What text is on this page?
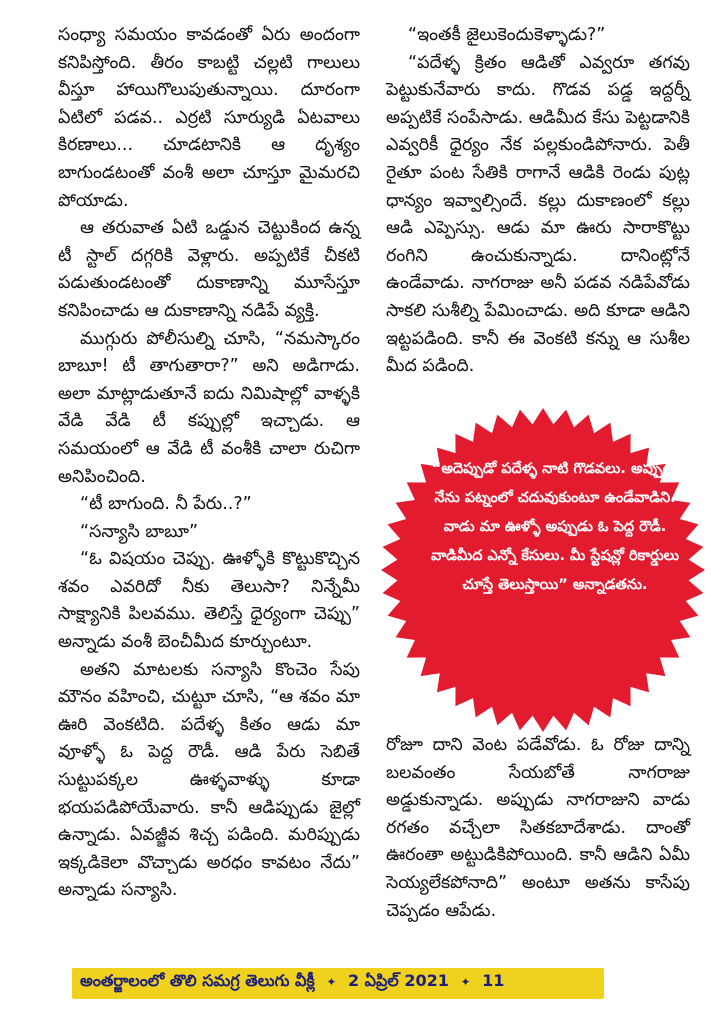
సంధ్యా సమయం కావడంతో ఏరు అందంగా కనిపిస్తోంది. తీరం కాబట్టి చల్లటి గాలులు వీస్తూ హాయిగొలుపుతున్నాయి. దూరంగా ఏటిలో పడవ.. ఎర్రటి సూర్యుడి ఏటవాలు కిరణాలు... చూడటానికి ఆ దృశ్యం బాగుండటంతో వంశీ అలా చూస్తూ మైమరచి పోయాడు.

ఆ తరువాత ఏటి ఒడ్డున చెట్టుకింద ఉన్న టీ స్టాల్ దగ్గరికి వెళ్లారు. అప్పటికే చీకటి పడుతుండటంతో దుకాణాన్ని మూసేస్తూ కనిపించాడు ఆ దుకాణాన్ని నడిపే వ్యక్తి.

ముగ్గురు పోలీసుల్ని చూసి, “నమస్కారం బాబూ! టీ తాగుతారా?” అని అడిగాడు. అలా మాట్లాడుతూనే ఐదు నిమిషాల్లో వాళ్ళకి వేడి వేడి టీ కప్పుల్లో ఇచ్చాడు. ఆ సమయంలో ఆ వేడి టీ వంశీకి చాలా రుచిగా అనిపించింది.

“టీ బాగుంది. నీ పేరు..?”

“సన్యాసి బాబూ”

“ఓ విషయం చెప్పు. ఊళ్ళోకి కొట్టుకొచ్చిన శవం ఎవరిదో నీకు తెలుసా? నిన్నేమీ సాక్ష్యానికి పిలవము. తెలిస్తే ధైర్యంగా చెప్పు” అన్నాడు వంశీ బెంచీమీద కూర్చుంటూ.

అతని మాటలకు సన్యాసి కొంచెం సేపు మౌనం వహించి, చుట్టూ చూసి, “ఆ శవం మా ఊరి వెంకటిది. పదేళ్ళ కితం ఆడు మా వూళ్ళో ఓ పెద్ద రౌడీ. ఆడి పేరు సెబితే సుట్టుపక్కల ఊళ్ళవాళ్ళు కూడా భయపడిపోయేవారు. కానీ ఆడిప్పుడు జైల్లో ఉన్నాడు. ఏవజ్జీవ శిచ్చ పడింది. మరిప్పుడు ఇక్కడికెలా వొచ్చాడు అరధం కావటం నేదు” అన్నాడు సన్యాసి.

“ఇంతకీ జైలుకెందుకెళ్ళాడు?”

“పదేళ్ళ క్రితం ఆడితో ఎవ్వరూ తగవు పెట్టుకునేవారు కాదు. గొడవ పడ్డ ఇద్దర్నీ అప్పటికే సంపేసాడు. ఆడిమీద కేసు పెట్టడానికి ఎవ్వరికీ ధైర్యం నేక పల్లకుండిపోనారు. పెతీ రైతూ పంట సేతికి రాగానే ఆడికి రెండు పుట్ల ధాన్యం ఇవ్వాల్సిందే. కల్లు దుకాణంలో కల్లు ఆడి ఎప్పెస్సు. ఆడు మా ఊరు సారాకొట్టు రంగిని ఉంచుకున్నాడు. దానింట్లోనే ఉండేవాడు. నాగరాజు అనీ పడవ నడిపేవోడు సాకలి సుశీల్ని పేమించాడు. అది కూడా ఆడిని ఇట్టపడింది. కానీ ఈ వెంకటి కన్ను ఆ సుశీల మీద పడింది.

“అదెప్పుడో పదేళ్ళ నాటి గొడవలు. అప్పుడు నేను పట్నంలో చదువుకుంటూ ఉండేవాడిని. వాడు మా ఊళ్ళో అప్పుడు ఓ పెద్ద రౌడీ. వాడిమీద ఎన్నో కేసులు. మీ స్టేషన్లో రికార్డులు చూస్తే తెలుస్తాయి” అన్నాడతను.

రోజూ దాని వెంట పడేవోడు. ఓ రోజు దాన్ని బలవంతం సేయబోతే నాగరాజు అడ్డుకున్నాడు. అప్పుడు నాగరాజుని వాడు రగతం వచ్చేలా సితకబాదేశాడు. దాంతో ఊరంతా అట్టుడికిపోయింది. కానీ ఆడిని ఏమీ సెయ్యలేకపోనాది” అంటూ అతను కాసేపు చెప్పడం ఆపేడు.

అంతర్జాలంలో తొలి సమగ్ర తెలుగు వీక్లీ ✦ 2 ఏప్రిల్ 2021 ✦ 11
